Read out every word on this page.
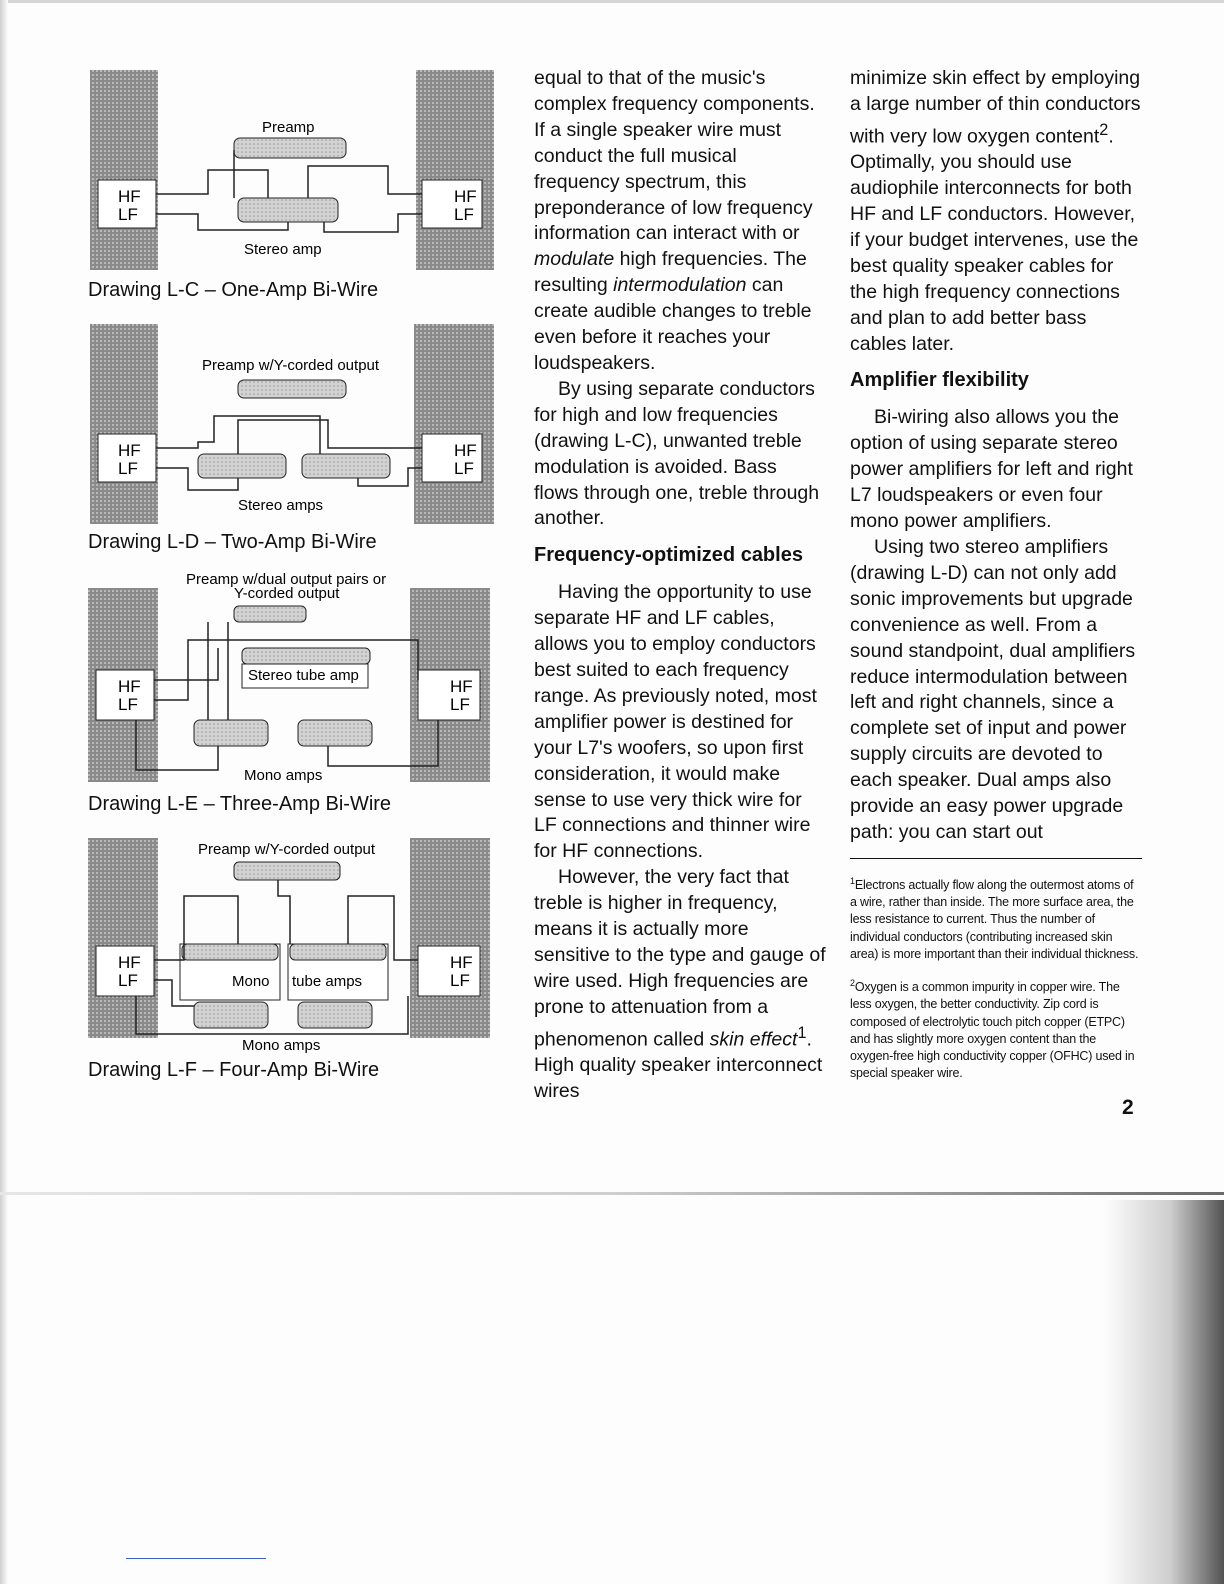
HF
LF
HF
LF
Preamp
Stereo amp
Drawing L-C – One-Amp Bi-Wire
HF
LF
HF
LF
Preamp w/Y-corded output
Stereo amps
Drawing L-D – Two-Amp Bi-Wire
HF
LF
HF
LF
Preamp w/dual output pairs or
Y-corded output
Stereo tube amp
Mono amps
Drawing L-E – Three-Amp Bi-Wire
HF
LF
HF
LF
Preamp w/Y-corded output
Mono tube amps
Mono amps
Drawing L-F – Four-Amp Bi-Wire

equal to that of the music's complex frequency components. If a single speaker wire must conduct the full musical frequency spectrum, this preponderance of low frequency information can interact with or modulate high frequencies. The resulting intermodulation can create audible changes to treble even before it reaches your loudspeakers.

By using separate conductors for high and low frequencies (drawing L-C), unwanted treble modulation is avoided. Bass flows through one, treble through another.

Frequency-optimized cables

Having the opportunity to use separate HF and LF cables, allows you to employ conductors best suited to each frequency range. As previously noted, most amplifier power is destined for your L7's woofers, so upon first consideration, it would make sense to use very thick wire for LF connections and thinner wire for HF connections.

However, the very fact that treble is higher in frequency, means it is actually more sensitive to the type and gauge of wire used. High frequencies are prone to attenuation from a phenomenon called skin effect$^1$. High quality speaker interconnect wires

minimize skin effect by employing a large number of thin conductors with very low oxygen content$^2$. Optimally, you should use audiophile interconnects for both HF and LF conductors. However, if your budget intervenes, use the best quality speaker cables for the high frequency connections and plan to add better bass cables later.

Amplifier flexibility

Bi-wiring also allows you the option of using separate stereo power amplifiers for left and right L7 loudspeakers or even four mono power amplifiers.

Using two stereo amplifiers (drawing L-D) can not only add sonic improvements but upgrade convenience as well. From a sound standpoint, dual amplifiers reduce intermodulation between left and right channels, since a complete set of input and power supply circuits are devoted to each speaker. Dual amps also provide an easy power upgrade path: you can start out

$^1$Electrons actually flow along the outermost atoms of a wire, rather than inside. The more surface area, the less resistance to current. Thus the number of individual conductors (contributing increased skin area) is more important than their individual thickness.

$^2$Oxygen is a common impurity in copper wire. The less oxygen, the better conductivity. Zip cord is composed of electrolytic touch pitch copper (ETPC) and has slightly more oxygen content than the oxygen-free high conductivity copper (OFHC) used in special speaker wire.

2
